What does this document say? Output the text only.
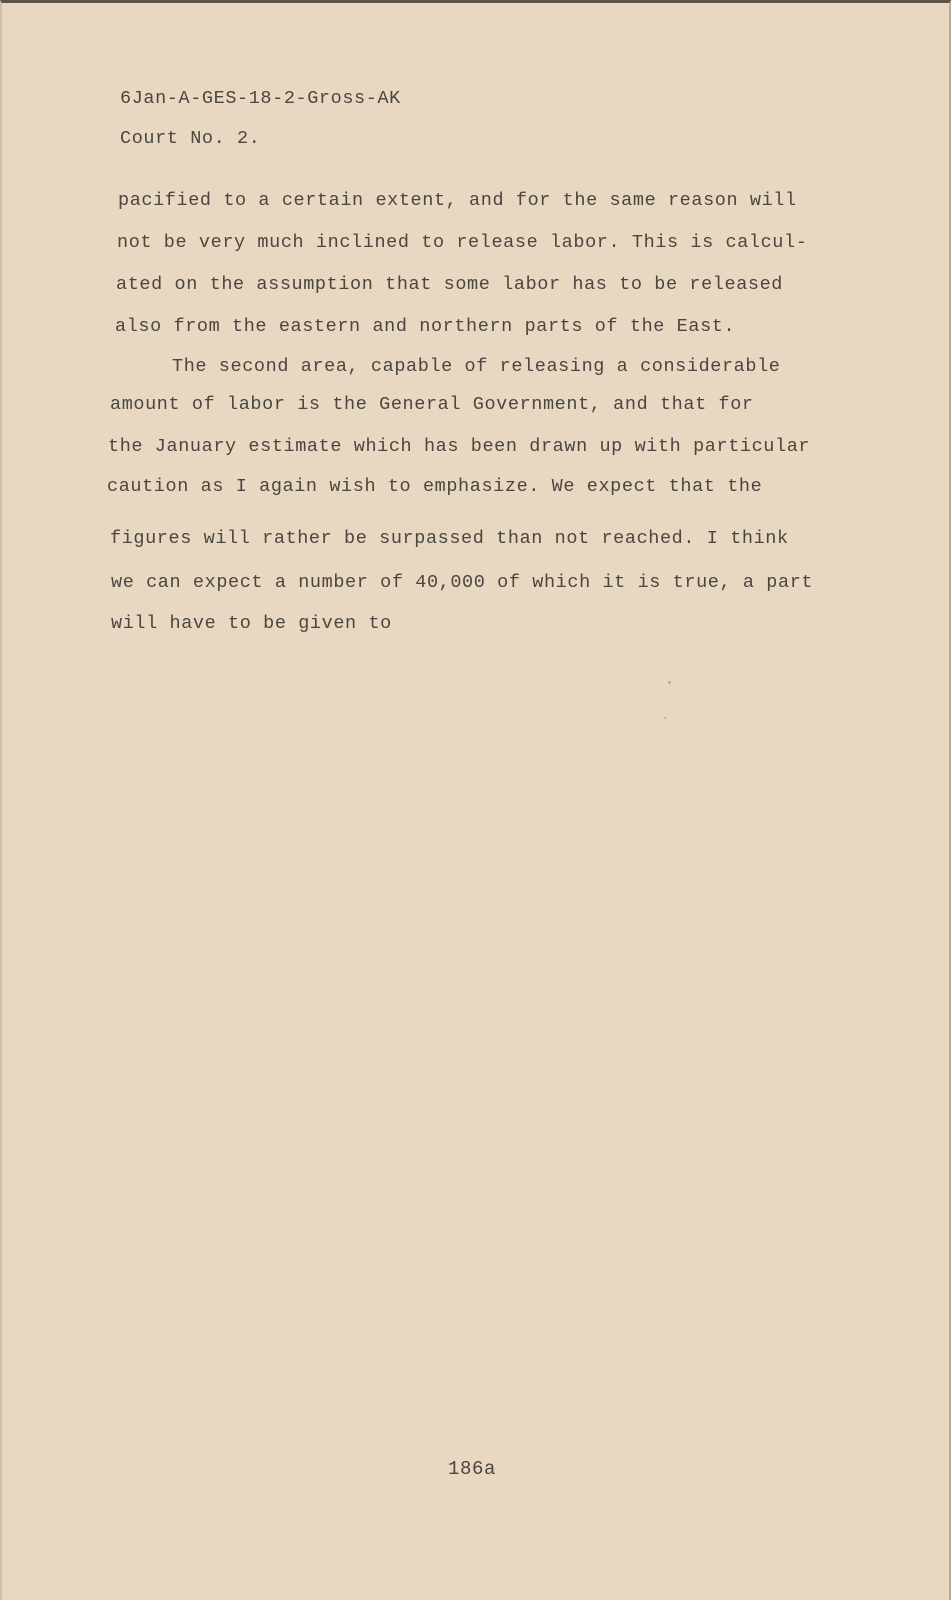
6Jan-A-GES-18-2-Gross-AK
Court No. 2.
pacified to a certain extent, and for the same reason will
not be very much inclined to release labor. This is calcul-
ated on the assumption that some labor has to be released
also from the eastern and northern parts of the East.
The second area, capable of releasing a considerable
amount of labor is the General Government, and that for
the January estimate which has been drawn up with particular
caution as I again wish to emphasize. We expect that the
figures will rather be surpassed than not reached. I think
we can expect a number of 40,000 of which it is true, a part
will have to be given to
186a
